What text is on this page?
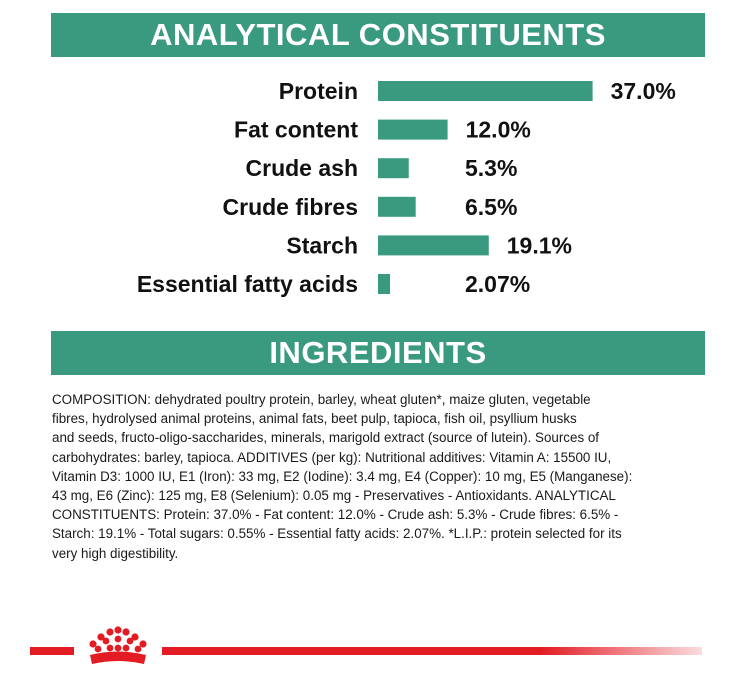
ANALYTICAL CONSTITUENTS
Protein	37.0%
Fat content	12.0%
Crude ash	5.3%
Crude fibres	6.5%
Starch	19.1%
Essential fatty acids	2.07%
INGREDIENTS
COMPOSITION: dehydrated poultry protein, barley, wheat gluten*, maize gluten, vegetable
fibres, hydrolysed animal proteins, animal fats, beet pulp, tapioca, fish oil, psyllium husks
and seeds, fructo-oligo-saccharides, minerals, marigold extract (source of lutein). Sources of
carbohydrates: barley, tapioca. ADDITIVES (per kg): Nutritional additives: Vitamin A: 15500 IU,
Vitamin D3: 1000 IU, E1 (Iron): 33 mg, E2 (Iodine): 3.4 mg, E4 (Copper): 10 mg, E5 (Manganese):
43 mg, E6 (Zinc): 125 mg, E8 (Selenium): 0.05 mg - Preservatives - Antioxidants. ANALYTICAL
CONSTITUENTS: Protein: 37.0% - Fat content: 12.0% - Crude ash: 5.3% - Crude fibres: 6.5% -
Starch: 19.1% - Total sugars: 0.55% - Essential fatty acids: 2.07%. *L.I.P.: protein selected for its
very high digestibility.
